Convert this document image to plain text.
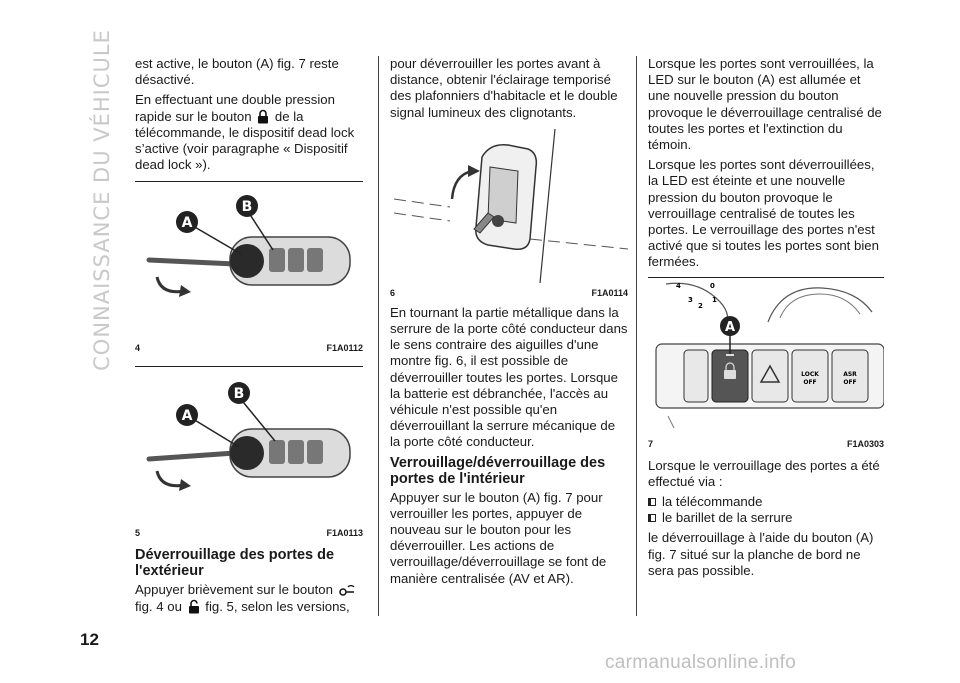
CONNAISSANCE DU VÉHICULE est active, le bouton (A) fig. 7 reste désactivé.

En effectuant une double pression rapide sur le bouton de la télécommande, le dispositif dead lock s’active (voir paragraphe « Dispositif dead lock »).

A
B
4	F1A0112
A
B
5	F1A0113
Déverrouillage des portes de l'extérieur

Appuyer brièvement sur le bouton
fig. 4 ou fig. 5, selon les versions,

pour déverrouiller les portes avant à distance, obtenir l'éclairage temporisé des plafonniers d'habitacle et le double signal lumineux des clignotants.

6	F1A0114

En tournant la partie métallique dans la serrure de la porte côté conducteur dans le sens contraire des aiguilles d'une montre fig. 6, il est possible de déverrouiller toutes les portes. Lorsque la batterie est débranchée, l'accès au véhicule n'est possible qu'en déverrouillant la serrure mécanique de la porte côté conducteur.

Verrouillage/déverrouillage des portes de l'intérieur

Appuyer sur le bouton (A) fig. 7 pour verrouiller les portes, appuyer de nouveau sur le bouton pour les déverrouiller. Les actions de verrouillage/déverrouillage se font de manière centralisée (AV et AR).

Lorsque les portes sont verrouillées, la LED sur le bouton (A) est allumée et une nouvelle pression du bouton provoque le déverrouillage centralisé de toutes les portes et l'extinction du témoin.

Lorsque les portes sont déverrouillées, la LED est éteinte et une nouvelle pression du bouton provoque le verrouillage centralisé de toutes les portes. Le verrouillage des portes n'est activé que si toutes les portes sont bien fermées.

4	0
3
2
1
LOCK
OFF
ASR
OFF
A
7	F1A0303

Lorsque le verrouillage des portes a été effectué via :

la télécommande
le barillet de la serrure

le déverrouillage à l'aide du bouton (A) fig. 7 situé sur la planche de bord ne sera pas possible.

12
carmanualsonline.info
